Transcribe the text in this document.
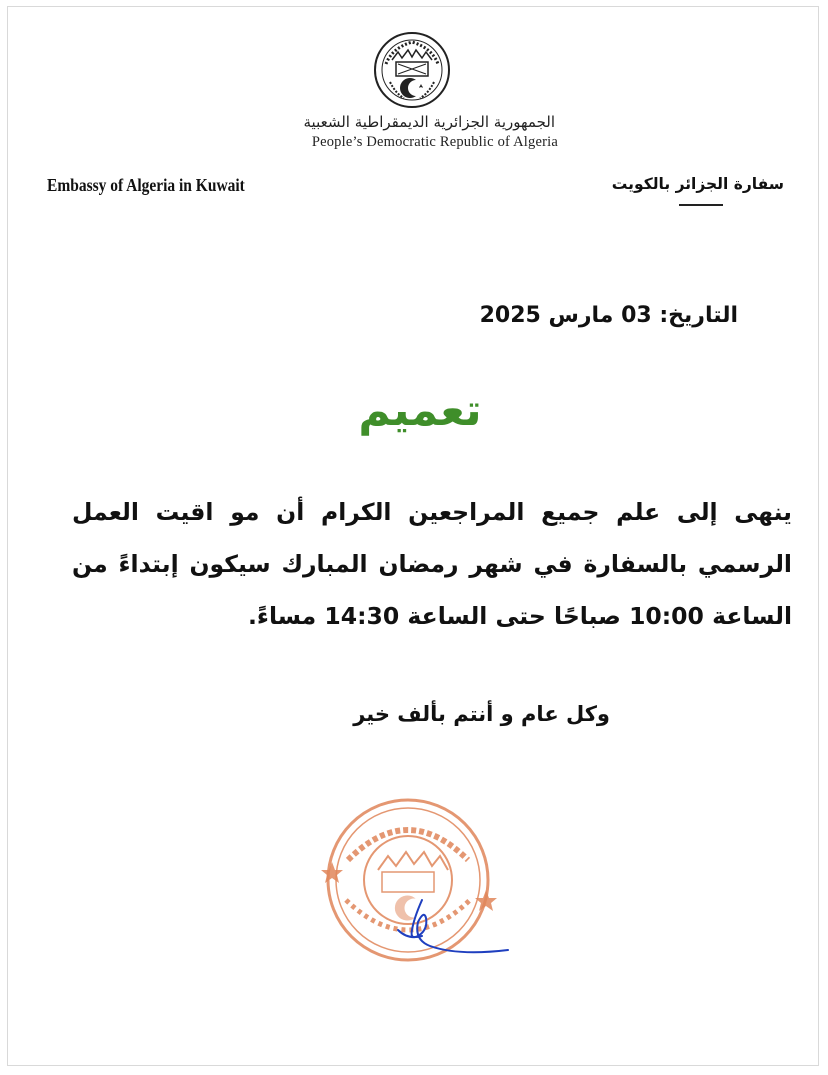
الجمهورية الجزائرية الديمقراطية الشعبية
People’s Democratic Republic of Algeria
Embassy of Algeria in Kuwait	سفارة الجزائر بالكويت
التاريخ: 03 مارس 2025
تعميم
ينهى إلى علم جميع المراجعين الكرام أن مو اقيت العمل الرسمي بالسفارة في شهر رمضان المبارك سيكون إبتداءً من الساعة 10:00 صباحًا حتى الساعة 14:30 مساءً.
وكل عام و أنتم بألف خير
